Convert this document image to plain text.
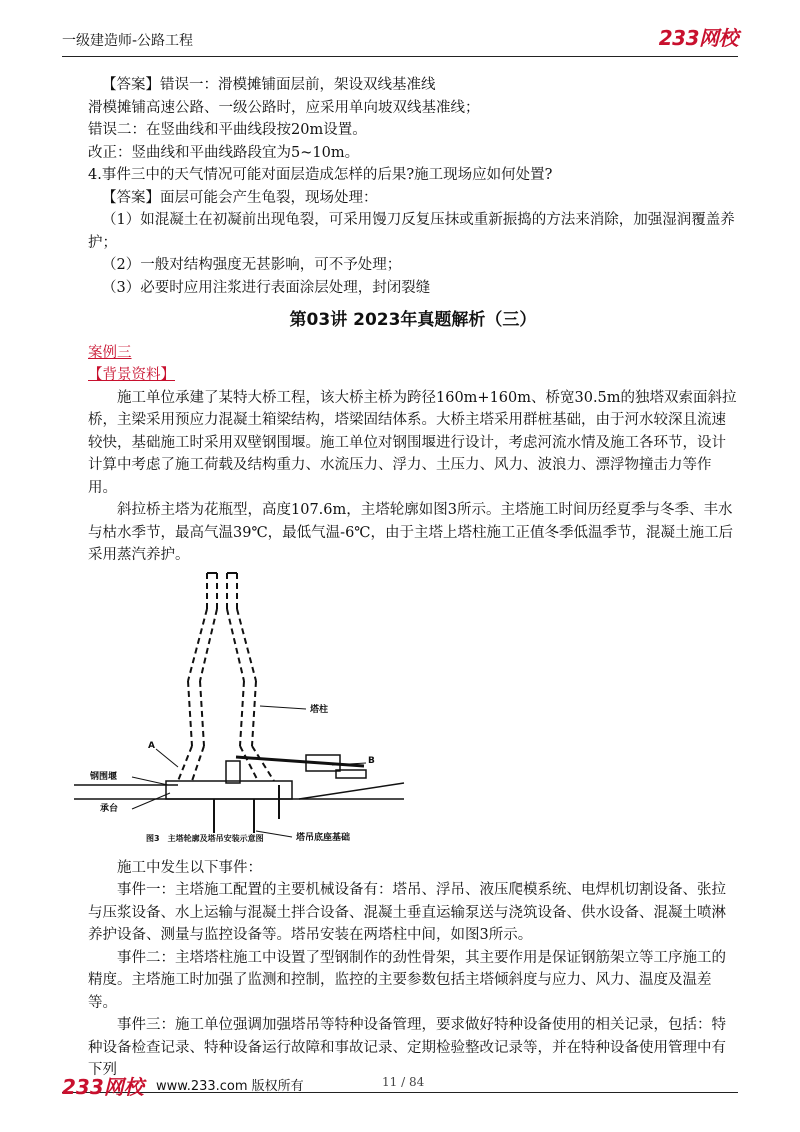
一级建造师-公路工程	233网校

【答案】错误一：滑模摊铺面层前，架设双线基准线

滑模摊铺高速公路、一级公路时，应采用单向坡双线基准线；

错误二：在竖曲线和平曲线段按20m设置。

改正：竖曲线和平曲线路段宜为5~10m。

4.事件三中的天气情况可能对面层造成怎样的后果?施工现场应如何处置?

【答案】面层可能会产生龟裂，现场处理：

（1）如混凝土在初凝前出现龟裂，可采用馒刀反复压抹或重新振捣的方法来消除，加强湿润覆盖养护；

（2）一般对结构强度无甚影响，可不予处理；

（3）必要时应用注浆进行表面涂层处理，封闭裂缝

第03讲 2023年真题解析（三）

案例三

【背景资料】

施工单位承建了某特大桥工程，该大桥主桥为跨径160m+160m、桥宽30.5m的独塔双索面斜拉桥，主梁采用预应力混凝土箱梁结构，塔梁固结体系。大桥主塔采用群桩基础，由于河水较深且流速较快，基础施工时采用双壁钢围堰。施工单位对钢围堰进行设计，考虑河流水情及施工各环节，设计计算中考虑了施工荷载及结构重力、水流压力、浮力、土压力、风力、波浪力、漂浮物撞击力等作用。

斜拉桥主塔为花瓶型，高度107.6m，主塔轮廓如图3所示。主塔施工时间历经夏季与冬季、丰水与枯水季节，最高气温39℃，最低气温-6℃，由于主塔上塔柱施工正值冬季低温季节，混凝土施工后采用蒸汽养护。

塔柱
A
B
钢围堰
承台
塔吊底座基础
图3　主塔轮廓及塔吊安装示意图

施工中发生以下事件：

事件一：主塔施工配置的主要机械设备有：塔吊、浮吊、液压爬模系统、电焊机切割设备、张拉与压浆设备、水上运输与混凝土拌合设备、混凝土垂直运输泵送与浇筑设备、供水设备、混凝土喷淋养护设备、测量与监控设备等。塔吊安装在两塔柱中间，如图3所示。

事件二：主塔塔柱施工中设置了型钢制作的劲性骨架，其主要作用是保证钢筋架立等工序施工的精度。主塔施工时加强了监测和控制，监控的主要参数包括主塔倾斜度与应力、风力、温度及温差等。

事件三：施工单位强调加强塔吊等特种设备管理，要求做好特种设备使用的相关记录，包括：特种设备检查记录、特种设备运行故障和事故记录、定期检验整改记录等，并在特种设备使用管理中有下列

233网校 www.233.com 版权所有	11 / 84
